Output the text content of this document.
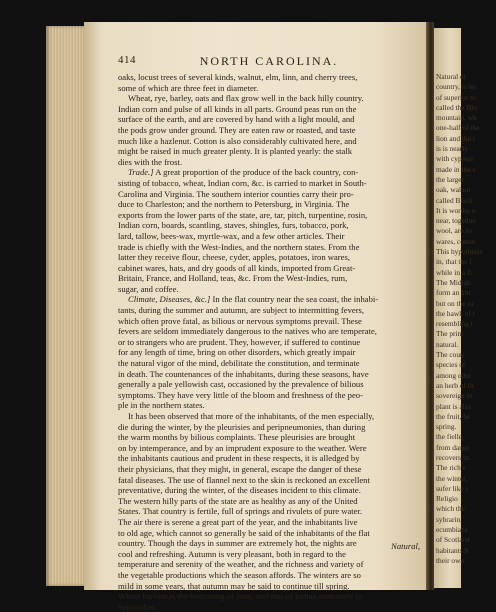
Natural di
country, is be
of superior to
called the Blu
mountain, wh
one-half of the
lion and the r
is is nearly
with cypress
made in the s
the larger.
oak, walnut
called Black
It is worthy o
near, together
wool, are so
wares, cotton
This hypothesis
in, that the f
while in a fl
The Midlan
form an kin
but on the to
the hawk of t
resembling t
The prim
natural.
The coun
species of
among othe
an herb of th
sovereign re
plant is also
the fruit, be
spring.
the fielle,
from dange
recovers its
The rich s
the winter,
sufer like i
Religio
which the
sybrarin,
ecumbians
of Scotland
habitants b
their own.
414	NORTH CAROLINA.
oaks, locust trees of several kinds, walnut, elm, linn, and cherry trees,
some of which are three feet in diameter.
Wheat, rye, barley, oats and flax grow well in the back hilly country.
Indian corn and pulse of all kinds in all parts. Ground peas run on the
surface of the earth, and are covered by hand with a light mould, and
the pods grow under ground. They are eaten raw or roasted, and taste
much like a hazlenut. Cotton is also considerably cultivated here, and
might be raised in much greater plenty. It is planted yearly: the stalk
dies with the frost.
Trade.] A great proportion of the produce of the back country, con-
sisting of tobacco, wheat, Indian corn, &c. is carried to market in South-
Carolina and Virginia. The southern interior counties carry their pro-
duce to Charleston; and the northern to Petersburg, in Virginia. The
exports from the lower parts of the state, are, tar, pitch, turpentine, rosin,
Indian corn, boards, scantling, staves, shingles, furs, tobacco, pork,
lard, tallow, bees-wax, myrtle-wax, and a few other articles. Their
trade is chiefly with the West-Indies, and the northern states. From the
latter they receive flour, cheese, cyder, apples, potatoes, iron wares,
cabinet wares, hats, and dry goods of all kinds, imported from Great-
Britain, France, and Holland, teas, &c. From the West-Indies, rum,
sugar, and coffee.
Climate, Diseases, &c.] In the flat country near the sea coast, the inhabi-
tants, during the summer and autumn, are subject to intermitting fevers,
which often prove fatal, as bilious or nervous symptoms prevail. These
fevers are seldom immediately dangerous to the natives who are temperate,
or to strangers who are prudent. They, however, if suffered to continue
for any length of time, bring on other disorders, which greatly impair
the natural vigor of the mind, debilitate the constitution, and terminate
in death. The countenances of the inhabitants, during these seasons, have
generally a pale yellowish cast, occasioned by the prevalence of bilious
symptoms. They have very little of the bloom and freshness of the peo-
ple in the northern states.
It has been observed that more of the inhabitants, of the men especially,
die during the winter, by the pleurisies and peripneumonies, than during
the warm months by bilious complaints. These pleurisies are brought
on by intemperance, and by an imprudent exposure to the weather. Were
the inhabitants cautious and prudent in these respects, it is alledged by
their physicians, that they might, in general, escape the danger of these
fatal diseases. The use of flannel next to the skin is reckoned an excellent
preventative, during the winter, of the diseases incident to this climate.
The western hilly parts of the state are as healthy as any of the United
States. That country is fertile, full of springs and rivulets of pure water.
The air there is serene a great part of the year, and the inhabitants live
to old age, which cannot so generally be said of the inhabitants of the flat
country. Though the days in summer are extremely hot, the nights are
cool and refreshing. Autumn is very pleasant, both in regard to the
temperature and serenity of the weather, and the richness and variety of
the vegetable productions which the season affords. The winters are so
mild in some years, that autumn may be said to continue till spring.
Wheat harvest is the beginning of June, and that of Indian corn early in
September.
Natural,
